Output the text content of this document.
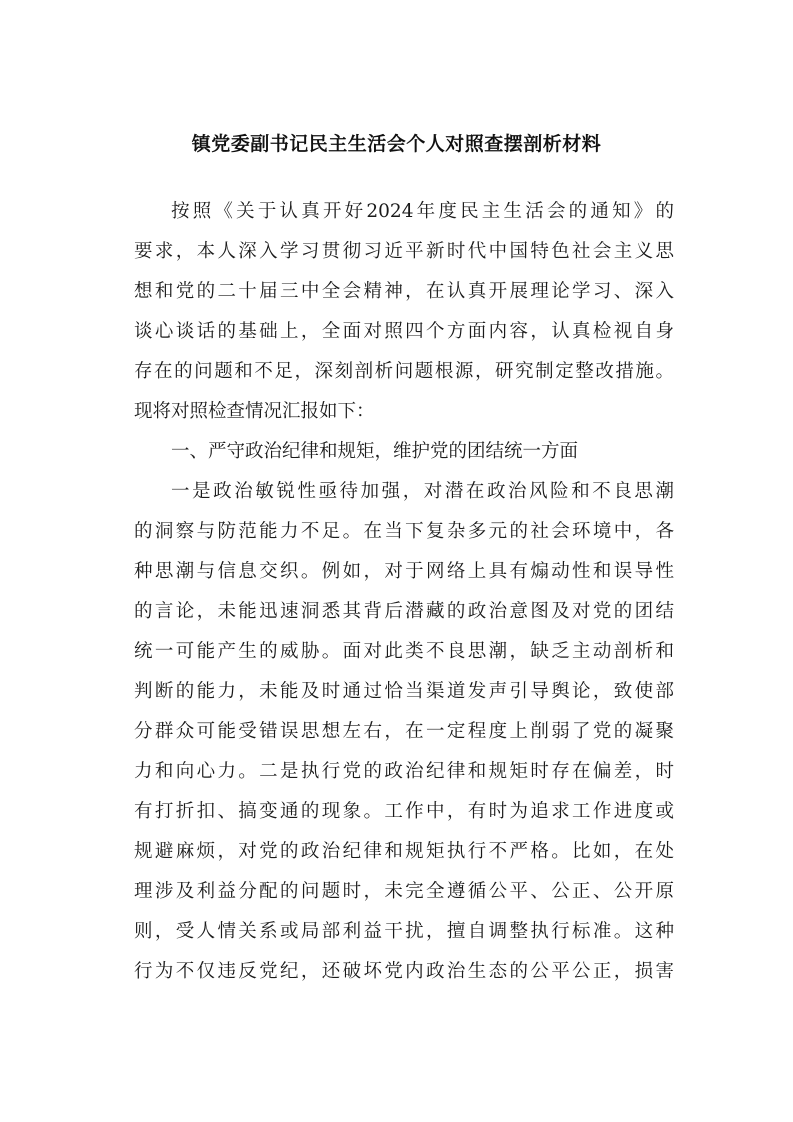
镇党委副书记民主生活会个人对照查摆剖析材料
按照《关于认真开好2024年度民主生活会的通知》的
要求，本人深入学习贯彻习近平新时代中国特色社会主义思
想和党的二十届三中全会精神，在认真开展理论学习、深入
谈心谈话的基础上，全面对照四个方面内容，认真检视自身
存在的问题和不足，深刻剖析问题根源，研究制定整改措施。
现将对照检查情况汇报如下：
一、严守政治纪律和规矩，维护党的团结统一方面
一是政治敏锐性亟待加强，对潜在政治风险和不良思潮
的洞察与防范能力不足。在当下复杂多元的社会环境中，各
种思潮与信息交织。例如，对于网络上具有煽动性和误导性
的言论，未能迅速洞悉其背后潜藏的政治意图及对党的团结
统一可能产生的威胁。面对此类不良思潮，缺乏主动剖析和
判断的能力，未能及时通过恰当渠道发声引导舆论，致使部
分群众可能受错误思想左右，在一定程度上削弱了党的凝聚
力和向心力。二是执行党的政治纪律和规矩时存在偏差，时
有打折扣、搞变通的现象。工作中，有时为追求工作进度或
规避麻烦，对党的政治纪律和规矩执行不严格。比如，在处
理涉及利益分配的问题时，未完全遵循公平、公正、公开原
则，受人情关系或局部利益干扰，擅自调整执行标准。这种
行为不仅违反党纪，还破坏党内政治生态的公平公正，损害
